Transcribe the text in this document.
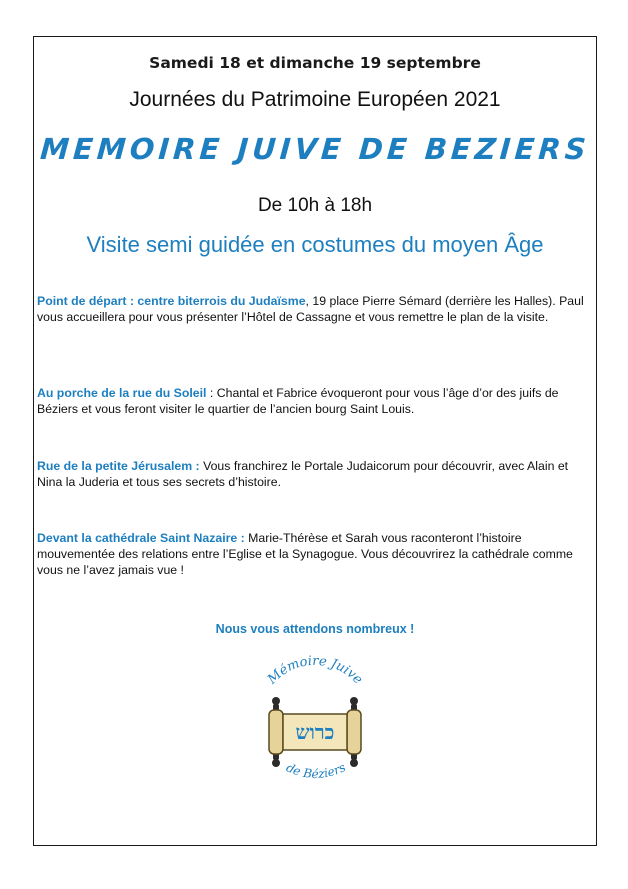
Samedi 18 et dimanche 19 septembre
Journées du Patrimoine Européen 2021
MEMOIRE JUIVE DE BEZIERS
De 10h à 18h
Visite semi guidée en costumes du moyen Âge
Point de départ : centre biterrois du Judaïsme, 19 place Pierre Sémard (derrière les Halles). Paul vous accueillera pour vous présenter l’Hôtel de Cassagne et vous remettre le plan de la visite.
Au porche de la rue du Soleil : Chantal et Fabrice évoqueront pour vous l’âge d’or des juifs de Béziers et vous feront visiter le quartier de l’ancien bourg Saint Louis.
Rue de la petite Jérusalem : Vous franchirez le Portale Judaicorum pour découvrir, avec Alain et Nina la Juderia et tous ses secrets d’histoire.
Devant la cathédrale Saint Nazaire : Marie-Thérèse et Sarah vous raconteront l’histoire mouvementée des relations entre l’Eglise et la Synagogue. Vous découvrirez la cathédrale comme vous ne l’avez jamais vue !
Nous vous attendons nombreux !
Mémoire Juive
כרוש
de Béziers
